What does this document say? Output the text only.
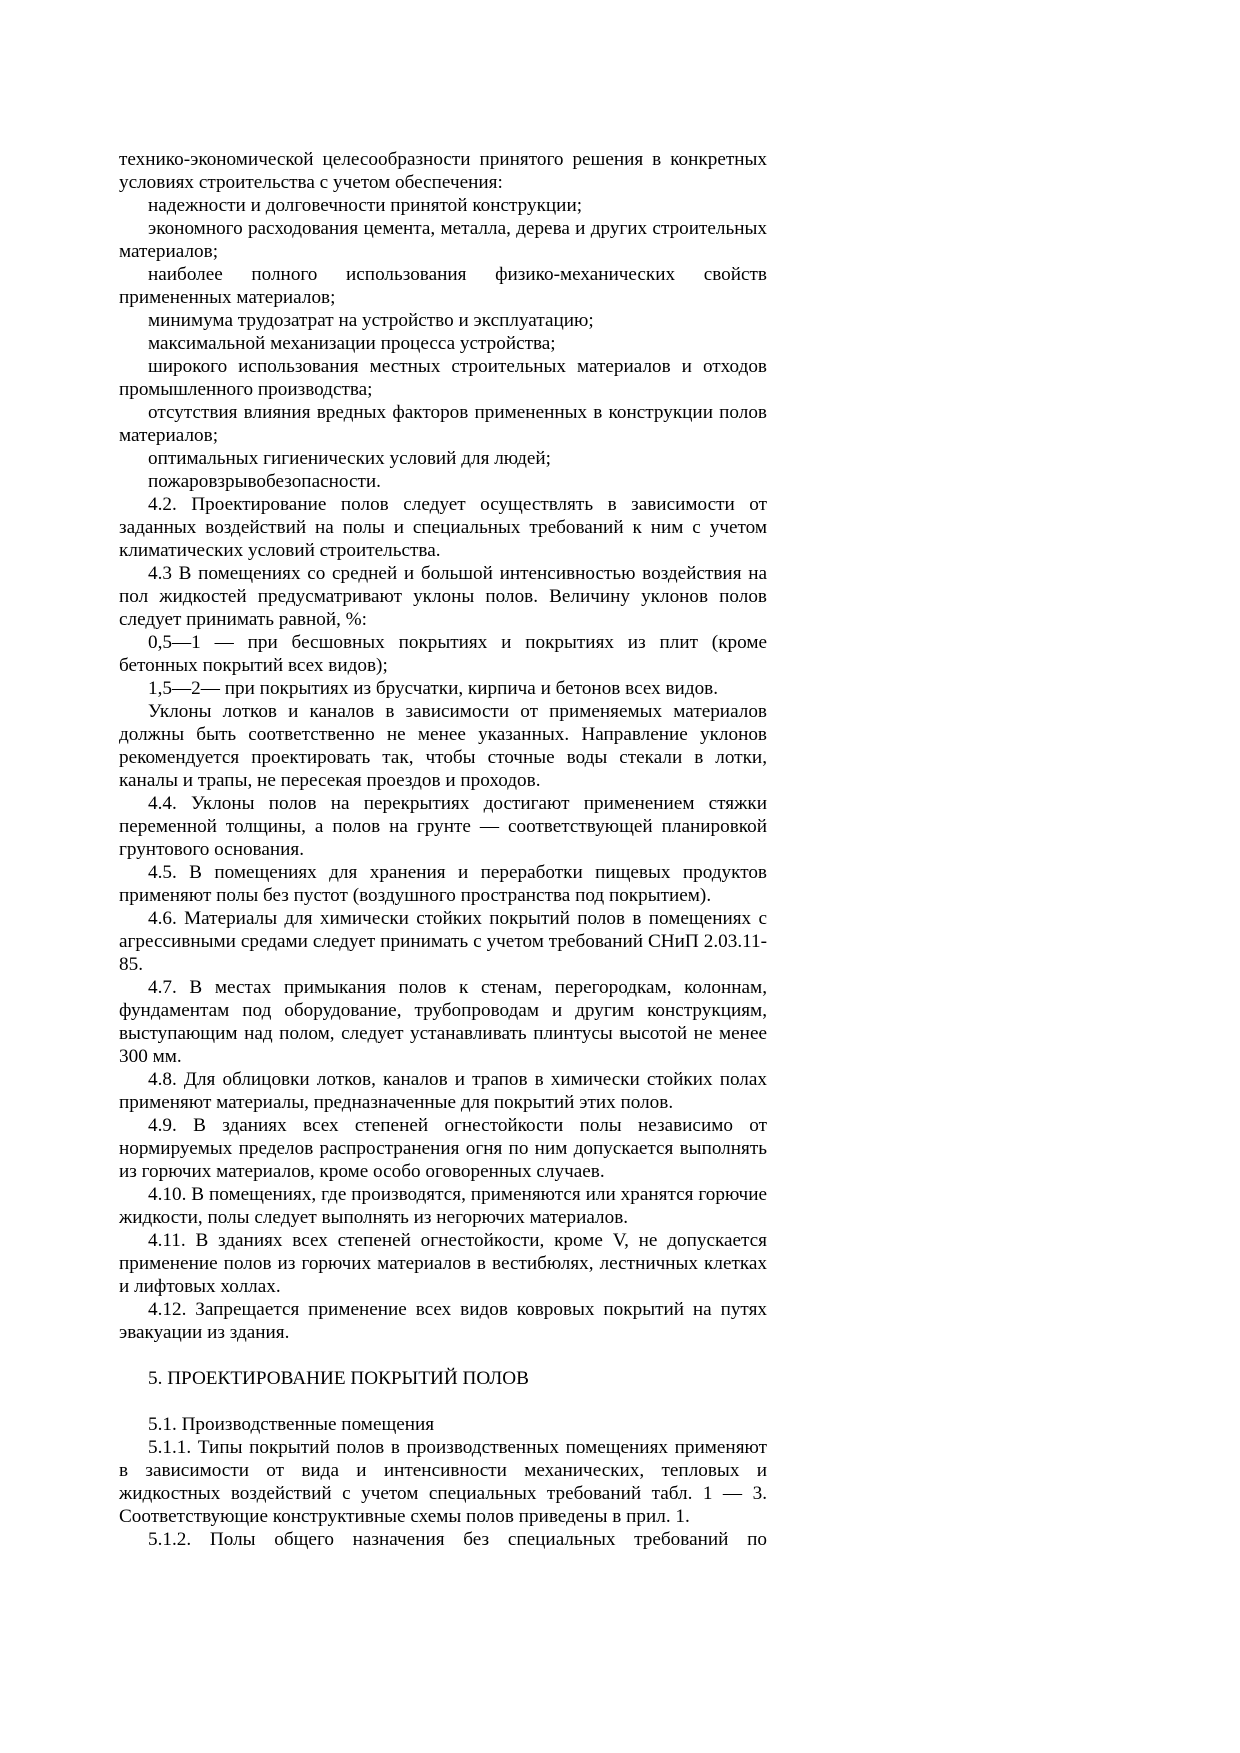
технико-экономической целесообразности принятого решения в конкретных условиях строительства с учетом обеспечения:

надежности и долговечности принятой конструкции;

экономного расходования цемента, металла, дерева и других строительных материалов;

наиболее полного использования физико-механических свойств примененных материалов;

минимума трудозатрат на устройство и эксплуатацию;

максимальной механизации процесса устройства;

широкого использования местных строительных материалов и отходов промышленного производства;

отсутствия влияния вредных факторов примененных в конструкции полов материалов;

оптимальных гигиенических условий для людей;

пожаровзрывобезопасности.

4.2. Проектирование полов следует осуществлять в зависимости от заданных воздействий на полы и специальных требований к ним с учетом климатических условий строительства.

4.3 В помещениях со средней и большой интенсивностью воздействия на пол жидкостей предусматривают уклоны полов. Величину уклонов полов следует принимать равной, %:

0,5—1 — при бесшовных покрытиях и покрытиях из плит (кроме бетонных покрытий всех видов);

1,5—2— при покрытиях из брусчатки, кирпича и бетонов всех видов.

Уклоны лотков и каналов в зависимости от применяемых материалов должны быть соответственно не менее указанных. Направление уклонов рекомендуется проектировать так, чтобы сточные воды стекали в лотки, каналы и трапы, не пересекая проездов и проходов.

4.4. Уклоны полов на перекрытиях достигают применением стяжки переменной толщины, а полов на грунте — соответствующей планировкой грунтового основания.

4.5. В помещениях для хранения и переработки пищевых продуктов применяют полы без пустот (воздушного пространства под покрытием).

4.6. Материалы для химически стойких покрытий полов в помещениях с агрессивными средами следует принимать с учетом требований СНиП 2.03.11-85.

4.7. В местах примыкания полов к стенам, перегородкам, колоннам, фундаментам под оборудование, трубопроводам и другим конструкциям, выступающим над полом, следует устанавливать плинтусы высотой не менее 300 мм.

4.8. Для облицовки лотков, каналов и трапов в химически стойких полах применяют материалы, предназначенные для покрытий этих полов.

4.9. В зданиях всех степеней огнестойкости полы независимо от нормируемых пределов распространения огня по ним допускается выполнять из горючих материалов, кроме особо оговоренных случаев.

4.10. В помещениях, где производятся, применяются или хранятся горючие жидкости, полы следует выполнять из негорючих материалов.

4.11. В зданиях всех степеней огнестойкости, кроме V, не допускается применение полов из горючих материалов в вестибюлях, лестничных клетках и лифтовых холлах.

4.12. Запрещается применение всех видов ковровых покрытий на путях эвакуации из здания.

5. ПРОЕКТИРОВАНИЕ ПОКРЫТИЙ ПОЛОВ

5.1. Производственные помещения

5.1.1. Типы покрытий полов в производственных помещениях применяют в зависимости от вида и интенсивности механических, тепловых и жидкостных воздействий с учетом специальных требований табл. 1 — 3. Соответствующие конструктивные схемы полов приведены в прил. 1.

5.1.2. Полы общего назначения без специальных требований по
